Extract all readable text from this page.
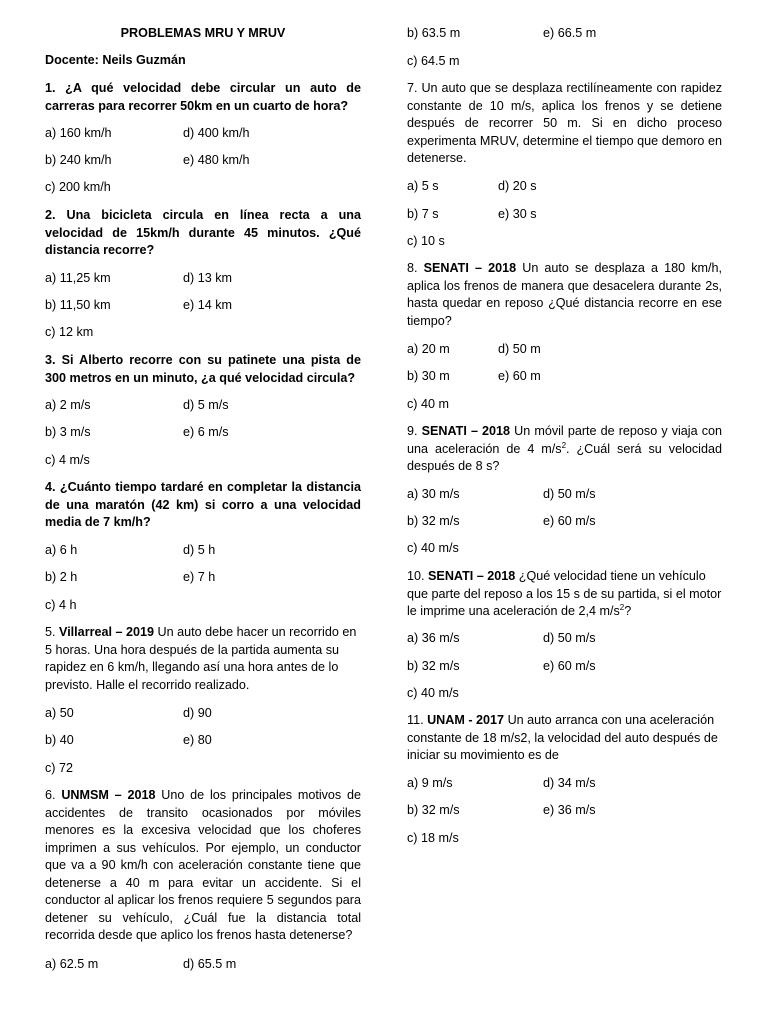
PROBLEMAS MRU Y MRUV
Docente: Neils Guzmán
1. ¿A qué velocidad debe circular un auto de carreras para recorrer 50km en un cuarto de hora?
a) 160 km/h	d) 400 km/h
b) 240 km/h	e) 480 km/h
c) 200 km/h
2. Una bicicleta circula en línea recta a una velocidad de 15km/h durante 45 minutos. ¿Qué distancia recorre?
a) 11,25 km	d) 13 km
b) 11,50 km	e) 14 km
c) 12 km
3. Si Alberto recorre con su patinete una pista de 300 metros en un minuto, ¿a qué velocidad circula?
a) 2 m/s	d) 5 m/s
b) 3 m/s	e) 6 m/s
c) 4 m/s
4. ¿Cuánto tiempo tardaré en completar la distancia de una maratón (42 km) si corro a una velocidad media de 7 km/h?
a) 6 h	d) 5 h
b) 2 h	e) 7 h
c) 4 h
5. Villarreal – 2019 Un auto debe hacer un recorrido en 5 horas. Una hora después de la partida aumenta su rapidez en 6 km/h, llegando así una hora antes de lo previsto. Halle el recorrido realizado.
a) 50	d) 90
b) 40	e) 80
c) 72
6. UNMSM – 2018 Uno de los principales motivos de accidentes de transito ocasionados por móviles menores es la excesiva velocidad que los choferes imprimen a sus vehículos. Por ejemplo, un conductor que va a 90 km/h con aceleración constante tiene que detenerse a 40 m para evitar un accidente. Si el conductor al aplicar los frenos requiere 5 segundos para detener su vehículo, ¿Cuál fue la distancia total recorrida desde que aplico los frenos hasta detenerse?
a) 62.5 m	d) 65.5 m
b) 63.5 m	e) 66.5 m
c) 64.5 m
7. Un auto que se desplaza rectilíneamente con rapidez constante de 10 m/s, aplica los frenos y se detiene después de recorrer 50 m. Si en dicho proceso experimenta MRUV, determine el tiempo que demoro en detenerse.
a) 5 s	d) 20 s
b) 7 s	e) 30 s
c) 10 s
8. SENATI – 2018 Un auto se desplaza a 180 km/h, aplica los frenos de manera que desacelera durante 2s, hasta quedar en reposo ¿Qué distancia recorre en ese tiempo?
a) 20 m	d) 50 m
b) 30 m	e) 60 m
c) 40 m
9. SENATI – 2018 Un móvil parte de reposo y viaja con una aceleración de 4 $m/s^2$. ¿Cuál será su velocidad después de 8 s?
a) 30 m/s	d) 50 m/s
b) 32 m/s	e) 60 m/s
c) 40 m/s
10. SENATI – 2018 ¿Qué velocidad tiene un vehículo que parte del reposo a los 15 s de su partida, si el motor le imprime una aceleración de 2,4 $m/s^2$?
a) 36 m/s	d) 50 m/s
b) 32 m/s	e) 60 m/s
c) 40 m/s
11. UNAM - 2017 Un auto arranca con una aceleración constante de 18 m/s2, la velocidad del auto después de iniciar su movimiento es de
a) 9 m/s	d) 34 m/s
b) 32 m/s	e) 36 m/s
c) 18 m/s
